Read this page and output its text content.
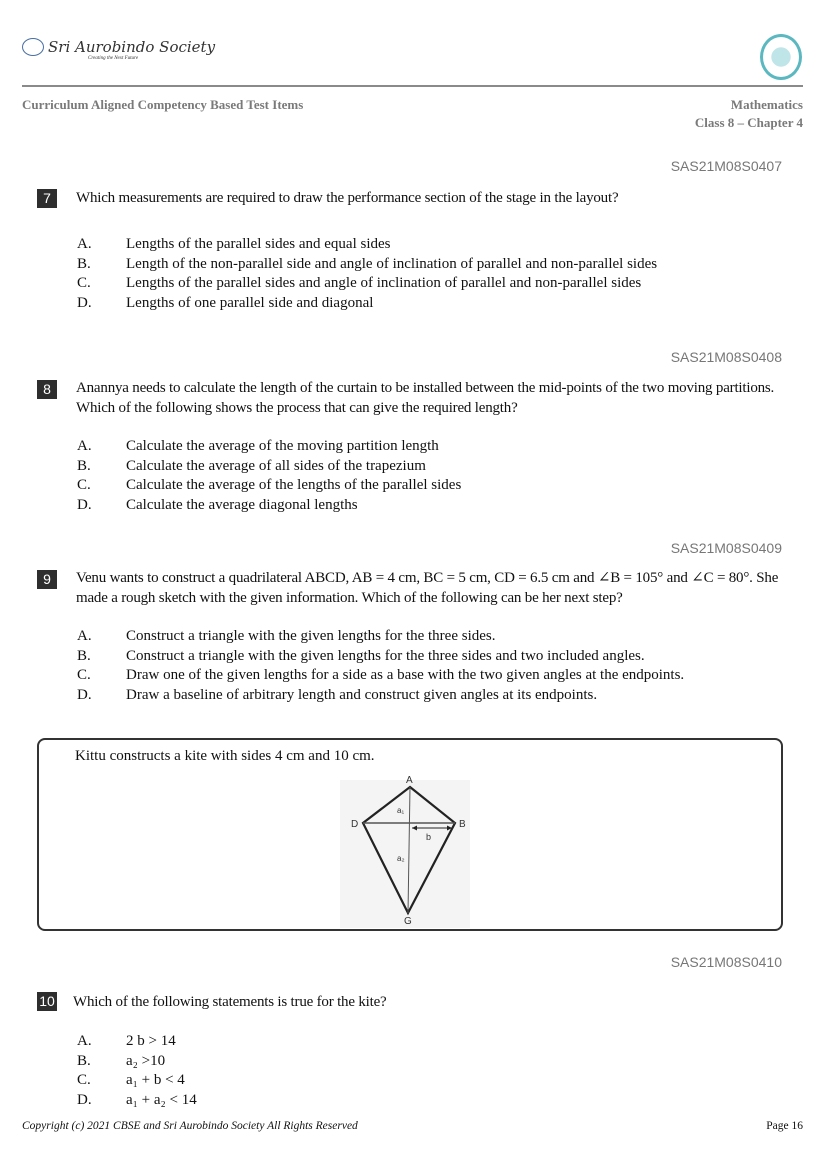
Sri Aurobindo Society
Creating the Next Future
Curriculum Aligned Competency Based Test Items	Mathematics
Class 8 – Chapter 4
SAS21M08S0407
7	Which measurements are required to draw the performance section of the stage in the layout?
A.	Lengths of the parallel sides and equal sides
B.	Length of the non-parallel side and angle of inclination of parallel and non-parallel sides
C.	Lengths of the parallel sides and angle of inclination of parallel and non-parallel sides
D.	Lengths of one parallel side and diagonal
SAS21M08S0408
8	Anannya needs to calculate the length of the curtain to be installed between the mid-points of the two moving partitions. Which of the following shows the process that can give the required length?
A.	Calculate the average of the moving partition length
B.	Calculate the average of all sides of the trapezium
C.	Calculate the average of the lengths of the parallel sides
D.	Calculate the average diagonal lengths
SAS21M08S0409
9	Venu wants to construct a quadrilateral ABCD, AB = 4 cm, BC = 5 cm, CD = 6.5 cm and ∠B = 105° and ∠C = 80°. She made a rough sketch with the given information. Which of the following can be her next step?
A.	Construct a triangle with the given lengths for the three sides.
B.	Construct a triangle with the given lengths for the three sides and two included angles.
C.	Draw one of the given lengths for a side as a base with the two given angles at the endpoints.
D.	Draw a baseline of arbitrary length and construct given angles at its endpoints.
Kittu constructs a kite with sides 4 cm and 10 cm.
A
B
D
G
a₁
a₂
b
SAS21M08S0410
10 Which of the following statements is true for the kite?
A.	2 b > 14
B.	a₂ >10
C.	a₁ + b < 4
D.	a₁ + a₂ < 14
Copyright (c) 2021 CBSE and Sri Aurobindo Society All Rights Reserved	Page 16
